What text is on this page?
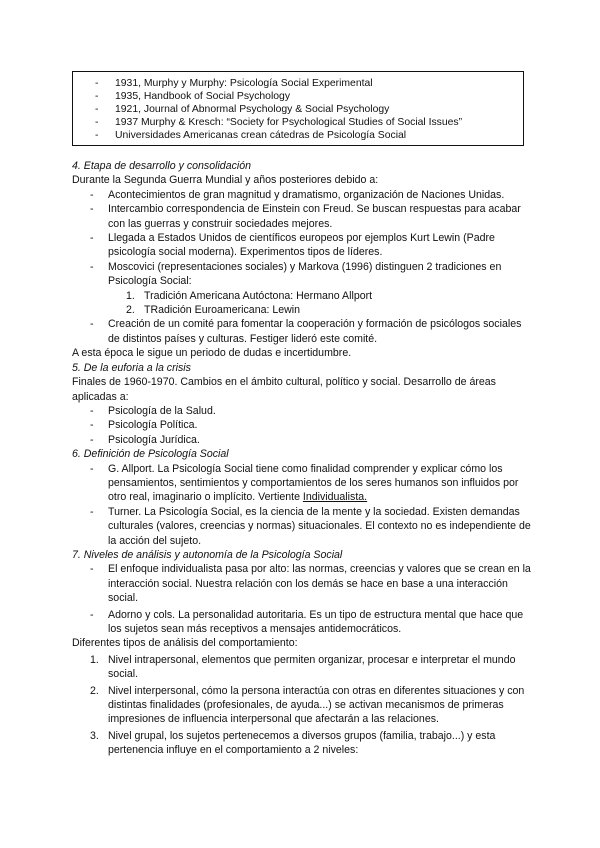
- 1931, Murphy y Murphy: Psicología Social Experimental
- 1935, Handbook of Social Psychology
- 1921, Journal of Abnormal Psychology & Social Psychology
- 1937 Murphy & Kresch: “Society for Psychological Studies of Social Issues”
- Universidades Americanas crean cátedras de Psicología Social
4. Etapa de desarrollo y consolidación
Durante la Segunda Guerra Mundial y años posteriores debido a:
- Acontecimientos de gran magnitud y dramatismo, organización de Naciones Unidas.
- Intercambio correspondencia de Einstein con Freud. Se buscan respuestas para acabar con las guerras y construir sociedades mejores.
- Llegada a Estados Unidos de científicos europeos por ejemplos Kurt Lewin (Padre psicología social moderna). Experimentos tipos de líderes.
- Moscovici (representaciones sociales) y Markova (1996) distinguen 2 tradiciones en Psicología Social:
1. Tradición Americana Autóctona: Hermano Allport
2. TRadición Euroamericana: Lewin
- Creación de un comité para fomentar la cooperación y formación de psicólogos sociales de distintos países y culturas. Festiger lideró este comité.
A esta época le sigue un periodo de dudas e incertidumbre.
5. De la euforia a la crisis
Finales de 1960-1970. Cambios en el ámbito cultural, político y social. Desarrollo de áreas aplicadas a:
- Psicología de la Salud.
- Psicología Política.
- Psicología Jurídica.
6. Definición de Psicología Social
- G. Allport. La Psicología Social tiene como finalidad comprender y explicar cómo los pensamientos, sentimientos y comportamientos de los seres humanos son influidos por otro real, imaginario o implícito. Vertiente Individualista.
- Turner. La Psicología Social, es la ciencia de la mente y la sociedad. Existen demandas culturales (valores, creencias y normas) situacionales. El contexto no es independiente de la acción del sujeto.
7. Niveles de análisis y autonomía de la Psicología Social
- El enfoque individualista pasa por alto: las normas, creencias y valores que se crean en la interacción social. Nuestra relación con los demás se hace en base a una interacción social.
- Adorno y cols. La personalidad autoritaria. Es un tipo de estructura mental que hace que los sujetos sean más receptivos a mensajes antidemocráticos.
Diferentes tipos de análisis del comportamiento:
1. Nivel intrapersonal, elementos que permiten organizar, procesar e interpretar el mundo social.
2. Nivel interpersonal, cómo la persona interactúa con otras en diferentes situaciones y con distintas finalidades (profesionales, de ayuda...) se activan mecanismos de primeras impresiones de influencia interpersonal que afectarán a las relaciones.
3. Nivel grupal, los sujetos pertenecemos a diversos grupos (familia, trabajo...) y esta pertenencia influye en el comportamiento a 2 niveles:
